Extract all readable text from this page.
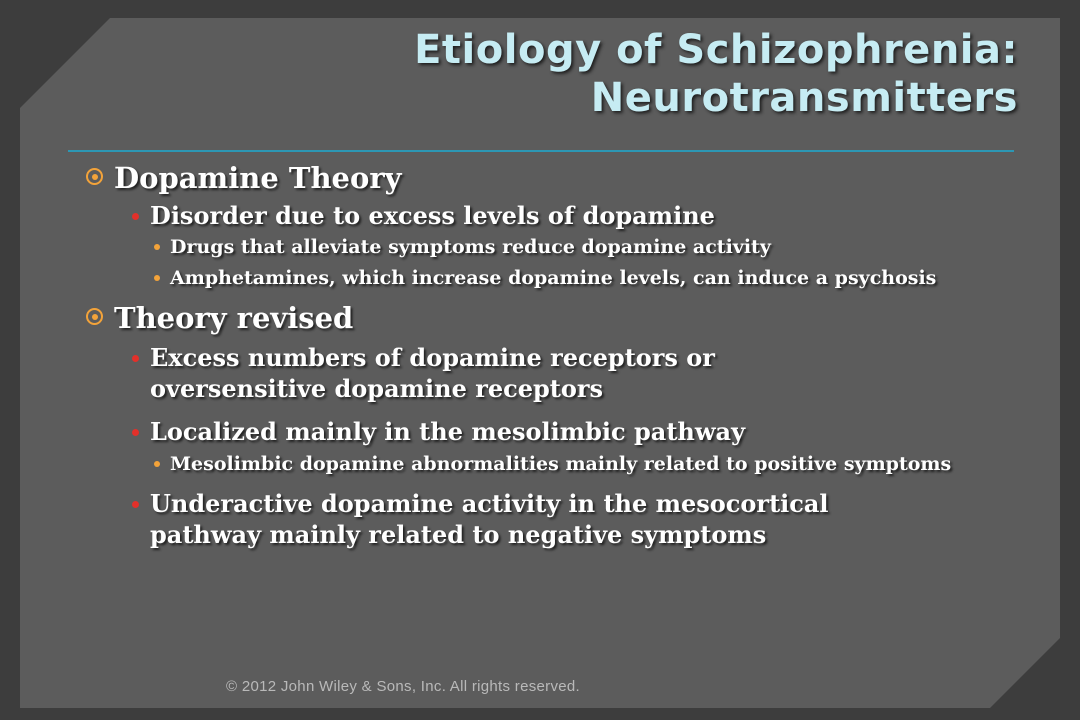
Etiology of Schizophrenia:
Neurotransmitters
Dopamine Theory
Disorder due to excess levels of dopamine
Drugs that alleviate symptoms reduce dopamine activity
Amphetamines, which increase dopamine levels, can induce a psychosis
Theory revised
Excess numbers of dopamine receptors or oversensitive dopamine receptors
Localized mainly in the mesolimbic pathway
Mesolimbic dopamine abnormalities mainly related to positive symptoms
Underactive dopamine activity in the mesocortical pathway mainly related to negative symptoms
© 2012 John Wiley & Sons, Inc. All rights reserved.
